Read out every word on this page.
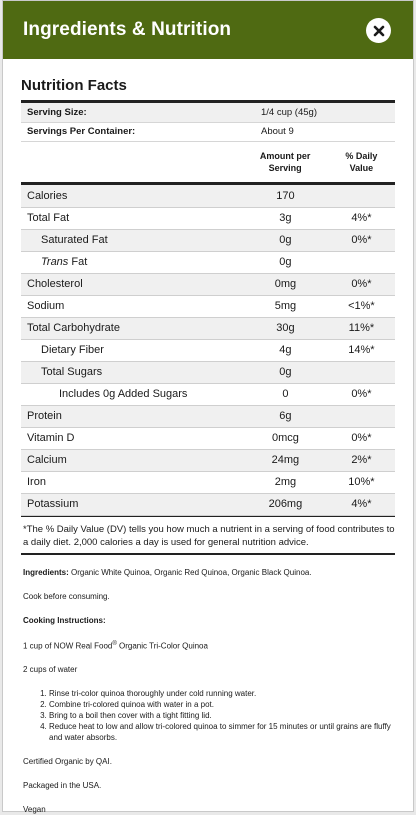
Ingredients & Nutrition
Nutrition Facts
Serving Size:	1/4 cup (45g)
Servings Per Container:	About 9
	Amount per Serving	% Daily Value
Calories	170	
Total Fat	3g	4%*
Saturated Fat	0g	0%*
Trans Fat	0g	
Cholesterol	0mg	0%*
Sodium	5mg	<1%*
Total Carbohydrate	30g	11%*
Dietary Fiber	4g	14%*
Total Sugars	0g	
Includes 0g Added Sugars	0	0%*
Protein	6g	
Vitamin D	0mcg	0%*
Calcium	24mg	2%*
Iron	2mg	10%*
Potassium	206mg	4%*
*The % Daily Value (DV) tells you how much a nutrient in a serving of food contributes to a daily diet. 2,000 calories a day is used for general nutrition advice.

Ingredients: Organic White Quinoa, Organic Red Quinoa, Organic Black Quinoa.

Cook before consuming.

Cooking Instructions:

1 cup of NOW Real Food® Organic Tri-Color Quinoa

2 cups of water

1. Rinse tri-color quinoa thoroughly under cold running water.
2. Combine tri-colored quinoa with water in a pot.
3. Bring to a boil then cover with a tight fitting lid.
4. Reduce heat to low and allow tri-colored quinoa to simmer for 15 minutes or until grains are fluffy and water absorbs.

Certified Organic by QAI.

Packaged in the USA.

Vegan
